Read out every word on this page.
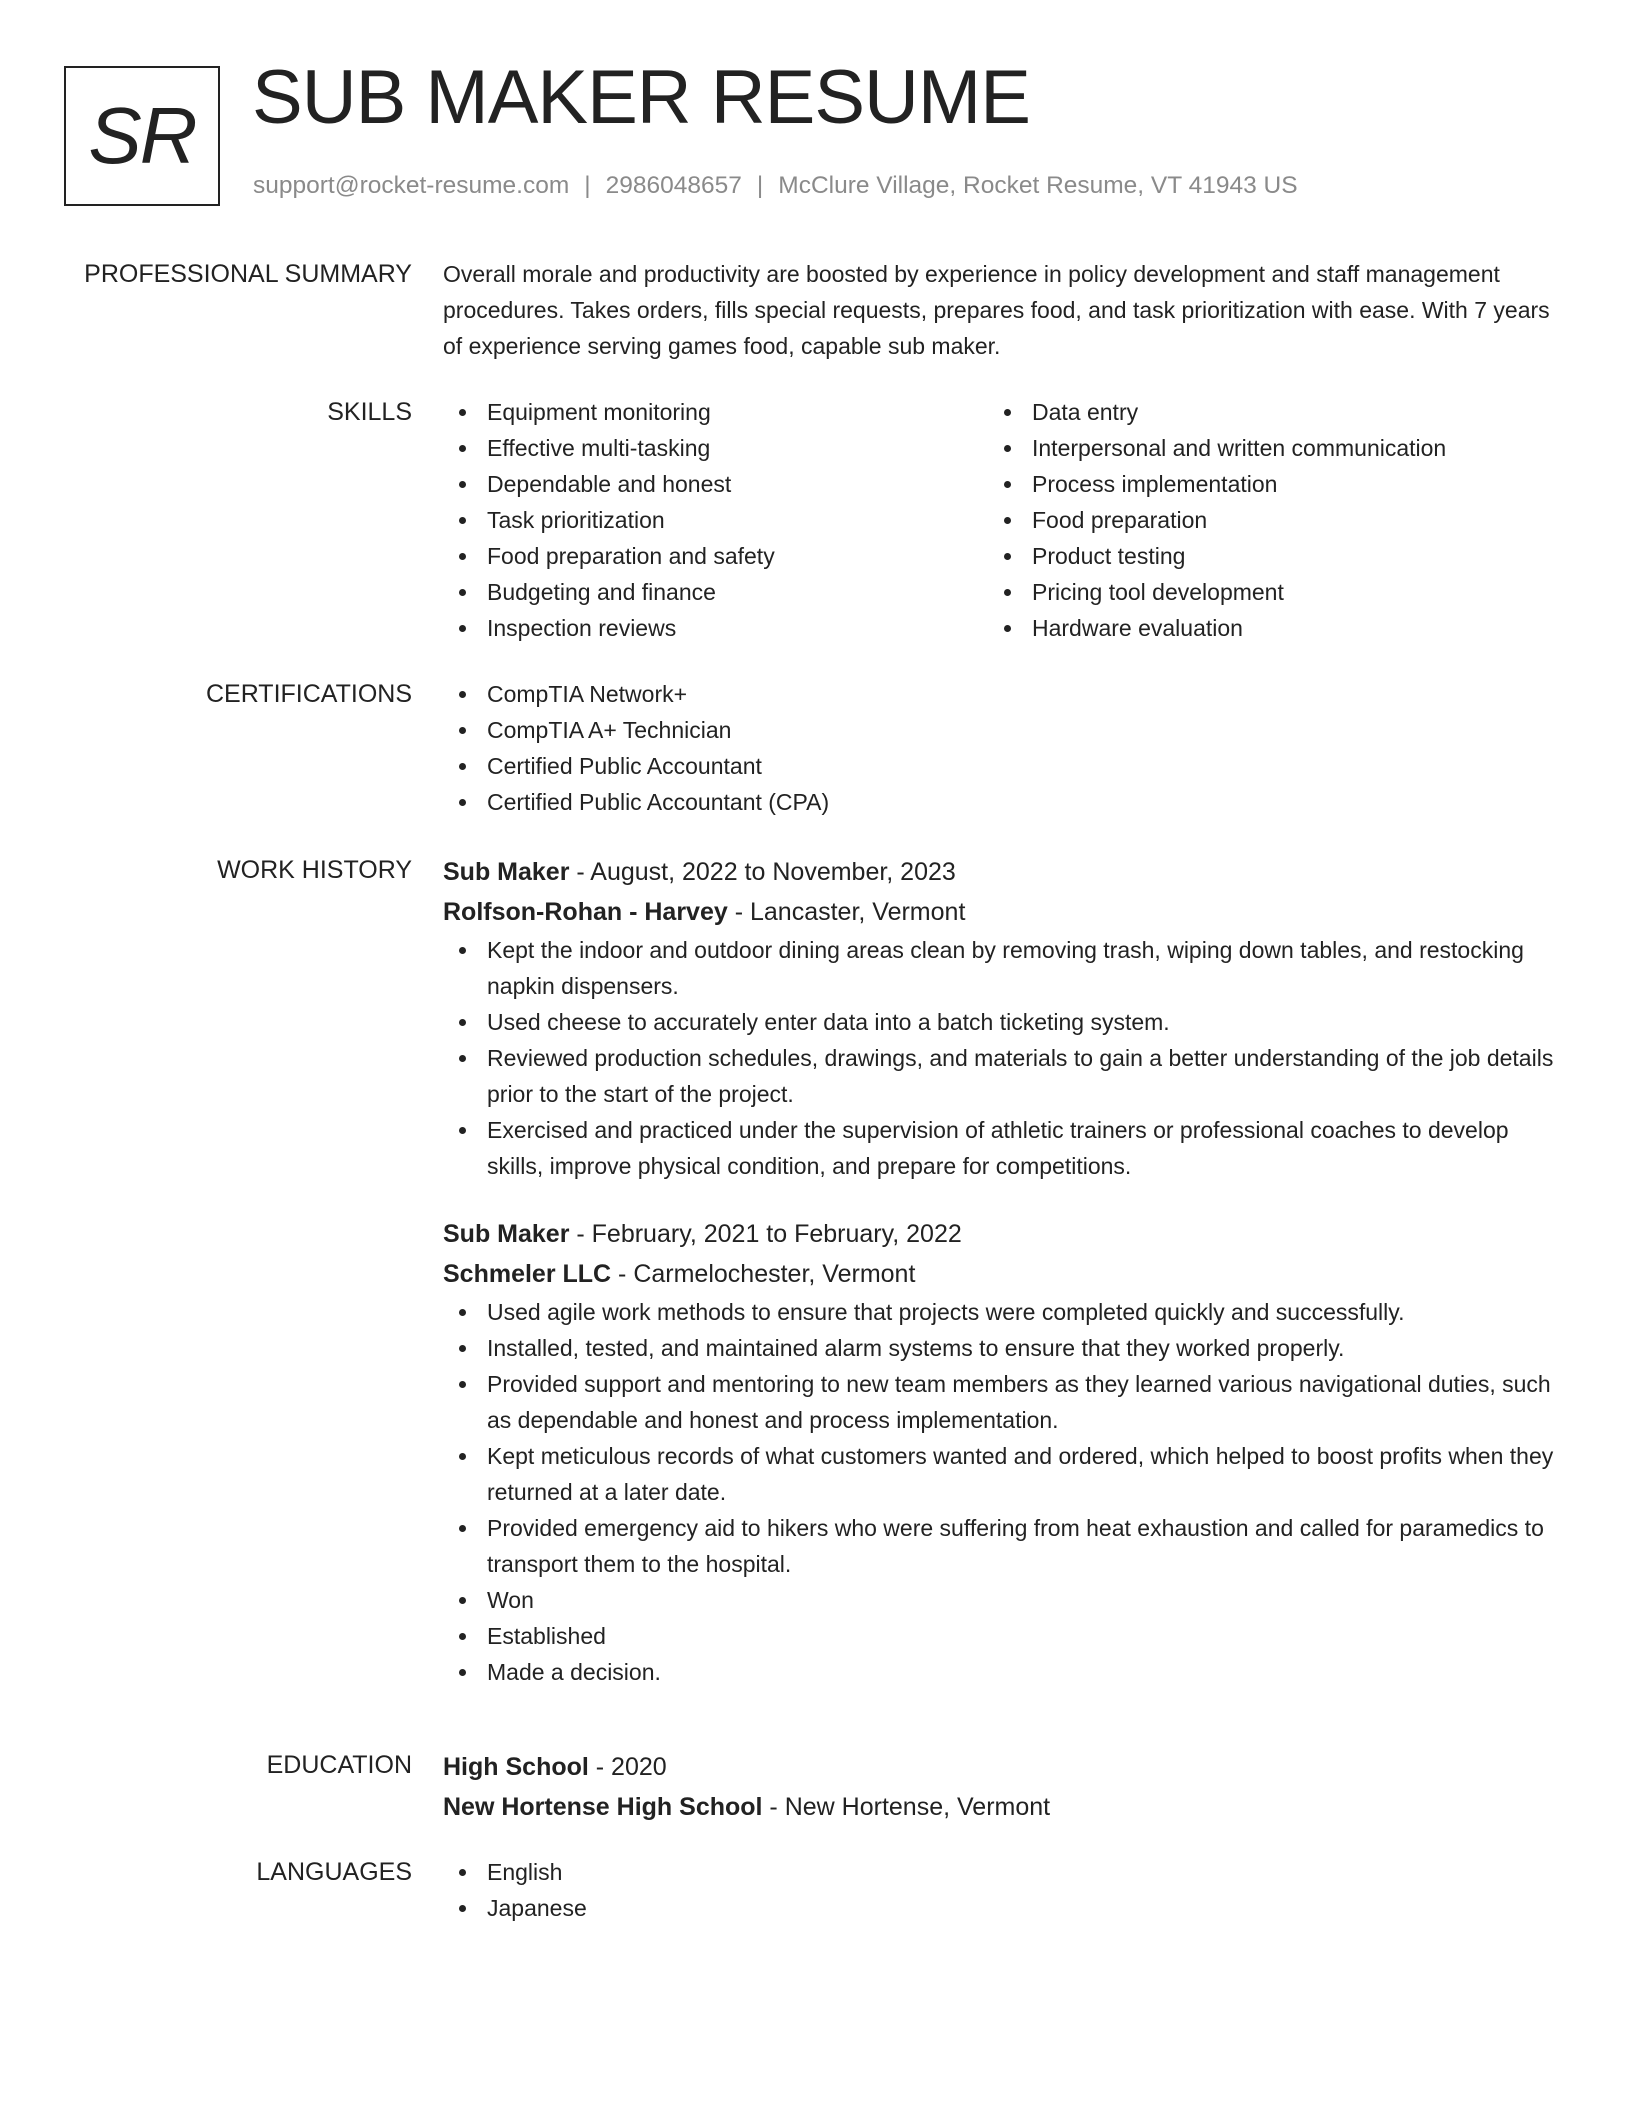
SR SUB MAKER RESUME
support@rocket-resume.com | 2986048657 | McClure Village, Rocket Resume, VT 41943 US
PROFESSIONAL SUMMARY Overall morale and productivity are boosted by experience in policy development and staff management procedures. Takes orders, fills special requests, prepares food, and task prioritization with ease. With 7 years of experience serving games food, capable sub maker.
SKILLS	Equipment monitoring
Effective multi-tasking
Dependable and honest
Task prioritization
Food preparation and safety
Budgeting and finance
Inspection reviews
Data entry
Interpersonal and written communication
Process implementation
Food preparation
Product testing
Pricing tool development
Hardware evaluation
CERTIFICATIONS	CompTIA Network+
CompTIA A+ Technician
Certified Public Accountant
Certified Public Accountant (CPA)
WORK HISTORY Sub Maker - August, 2022 to November, 2023
Rolfson-Rohan - Harvey - Lancaster, Vermont
Kept the indoor and outdoor dining areas clean by removing trash, wiping down tables, and restocking napkin dispensers.
Used cheese to accurately enter data into a batch ticketing system.
Reviewed production schedules, drawings, and materials to gain a better understanding of the job details prior to the start of the project.
Exercised and practiced under the supervision of athletic trainers or professional coaches to develop skills, improve physical condition, and prepare for competitions.
Sub Maker - February, 2021 to February, 2022
Schmeler LLC - Carmelochester, Vermont
Used agile work methods to ensure that projects were completed quickly and successfully.
Installed, tested, and maintained alarm systems to ensure that they worked properly.
Provided support and mentoring to new team members as they learned various navigational duties, such as dependable and honest and process implementation.
Kept meticulous records of what customers wanted and ordered, which helped to boost profits when they returned at a later date.
Provided emergency aid to hikers who were suffering from heat exhaustion and called for paramedics to transport them to the hospital.
Won
Established
Made a decision.
EDUCATION High School - 2020
New Hortense High School - New Hortense, Vermont
LANGUAGES	English
Japanese
